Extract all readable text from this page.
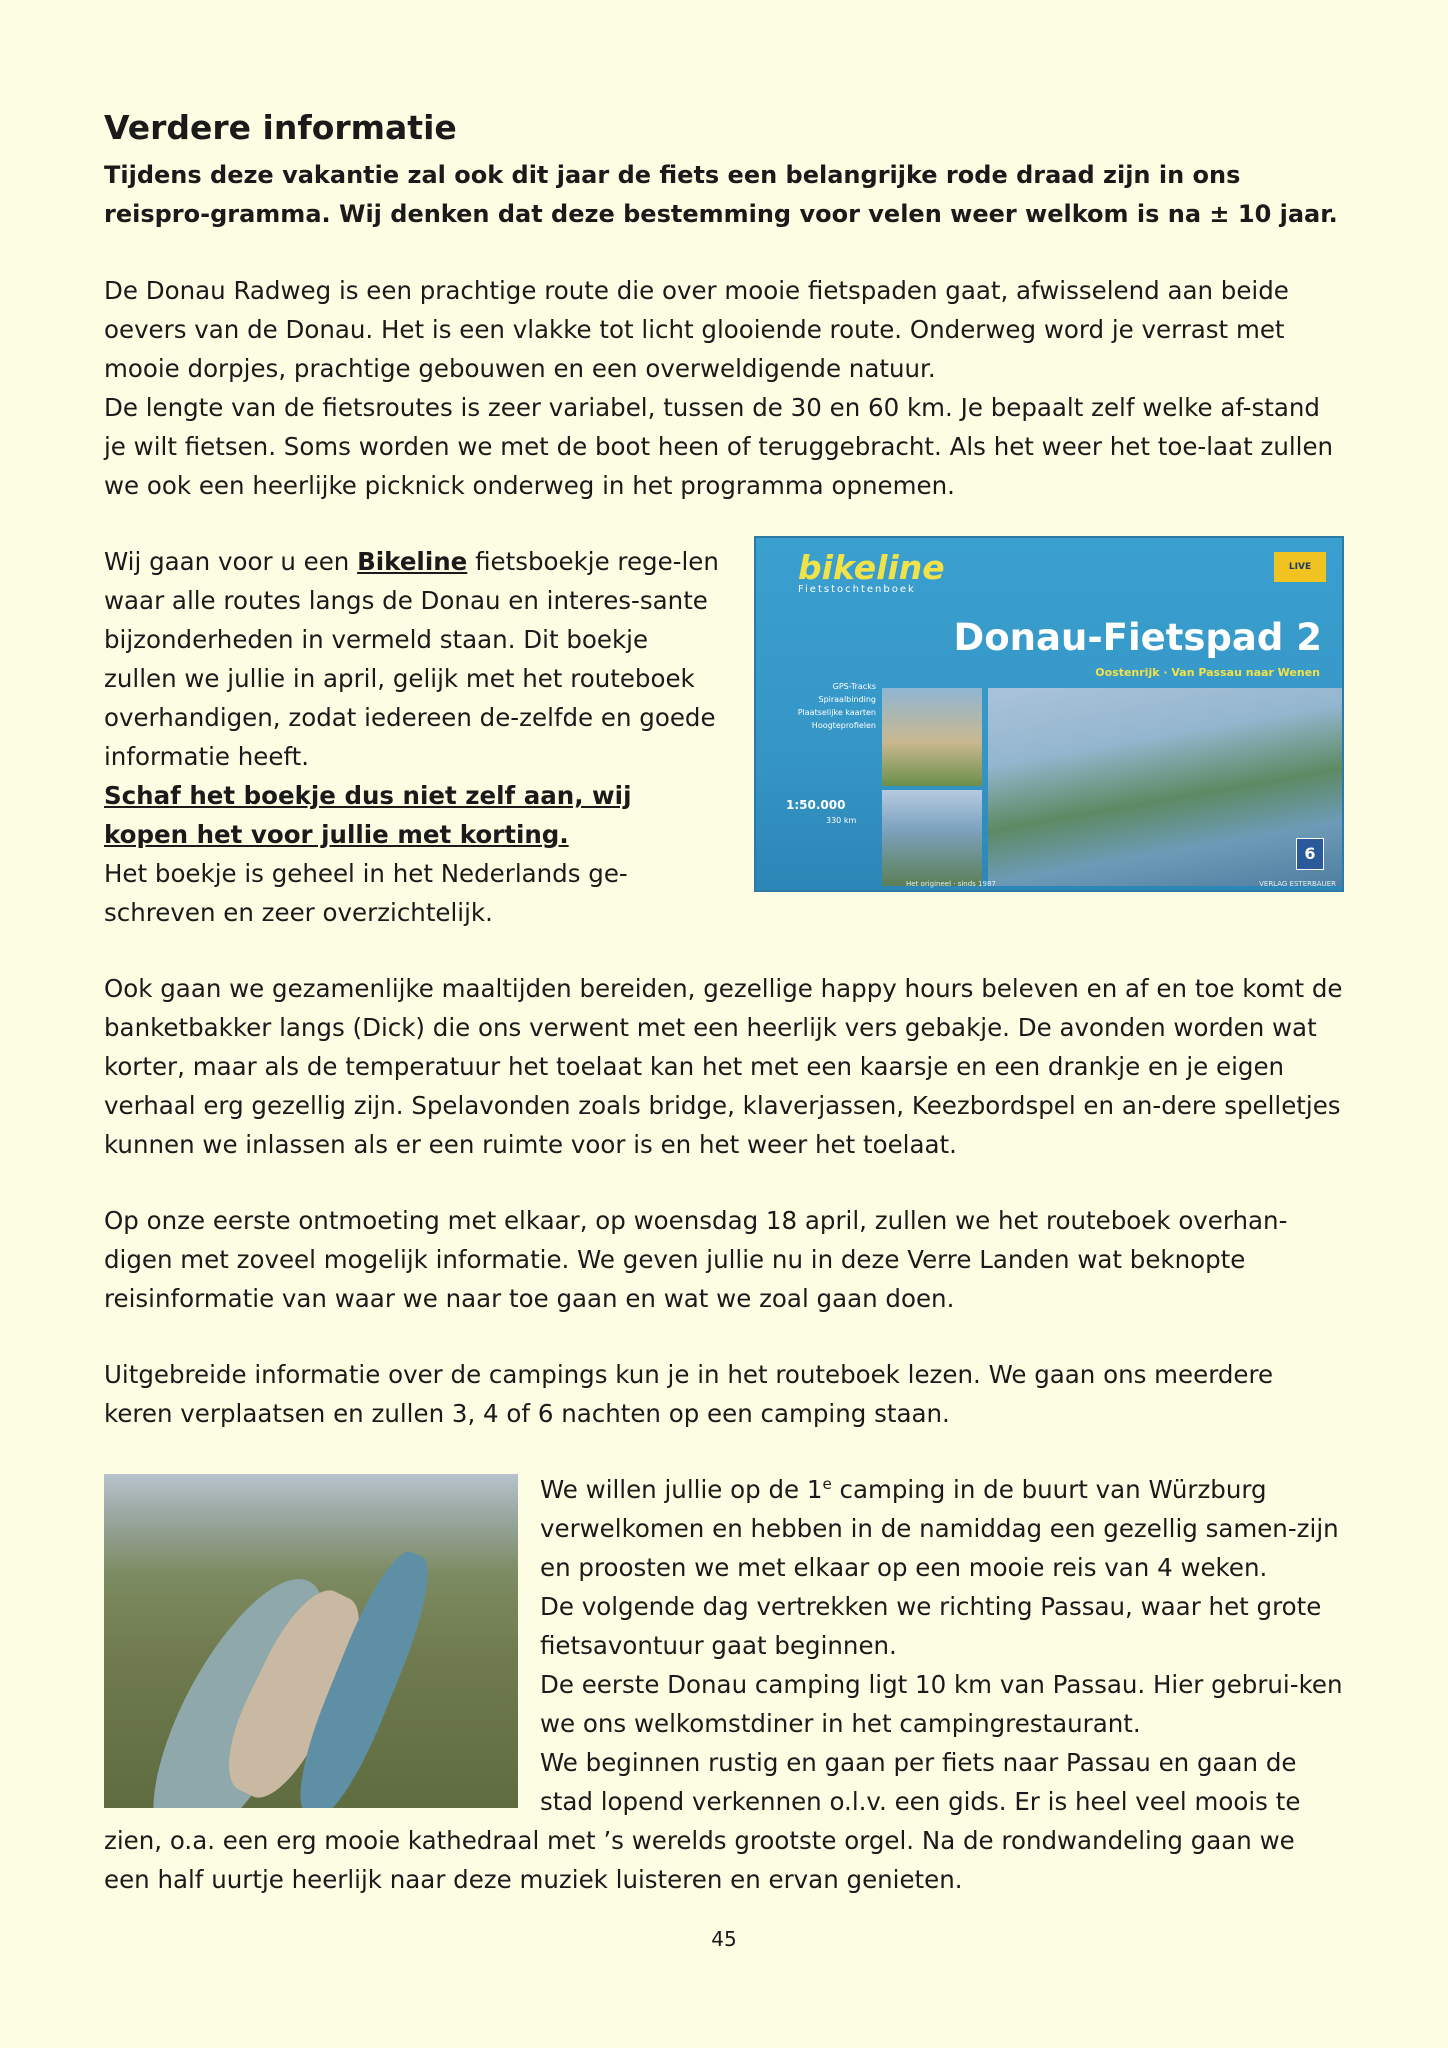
Verdere informatie

Tijdens deze vakantie zal ook dit jaar de fiets een belangrijke rode draad zijn in ons reispro-gramma. Wij denken dat deze bestemming voor velen weer welkom is na ± 10 jaar.

De Donau Radweg is een prachtige route die over mooie fietspaden gaat, afwisselend aan beide oevers van de Donau. Het is een vlakke tot licht glooiende route. Onderweg word je verrast met mooie dorpjes, prachtige gebouwen en een overweldigende natuur.

De lengte van de fietsroutes is zeer variabel, tussen de 30 en 60 km. Je bepaalt zelf welke af-stand je wilt fietsen. Soms worden we met de boot heen of teruggebracht. Als het weer het toe-laat zullen we ook een heerlijke picknick onderweg in het programma opnemen.

bikeline
Fietstochtenboek
LIVE
Donau-Fietspad 2
Oostenrijk · Van Passau naar Wenen
GPS-Tracks
Spiraalbinding
Plaatselijke kaarten
Hoogteprofielen
1:50.000
330 km
6
Het origineel · sinds 1987	VERLAG ESTERBAUER

Wij gaan voor u een Bikeline fietsboekje rege-len waar alle routes langs de Donau en interes-sante bijzonderheden in vermeld staan. Dit boekje zullen we jullie in april, gelijk met het routeboek overhandigen, zodat iedereen de-zelfde en goede informatie heeft.

Schaf het boekje dus niet zelf aan, wij kopen het voor jullie met korting.

Het boekje is geheel in het Nederlands ge-schreven en zeer overzichtelijk.

Ook gaan we gezamenlijke maaltijden bereiden, gezellige happy hours beleven en af en toe komt de banketbakker langs (Dick) die ons verwent met een heerlijk vers gebakje. De avonden worden wat korter, maar als de temperatuur het toelaat kan het met een kaarsje en een drankje en je eigen verhaal erg gezellig zijn. Spelavonden zoals bridge, klaverjassen, Keezbordspel en an-dere spelletjes kunnen we inlassen als er een ruimte voor is en het weer het toelaat.

Op onze eerste ontmoeting met elkaar, op woensdag 18 april, zullen we het routeboek overhan-digen met zoveel mogelijk informatie. We geven jullie nu in deze Verre Landen wat beknopte reisinformatie van waar we naar toe gaan en wat we zoal gaan doen.

Uitgebreide informatie over de campings kun je in het routeboek lezen. We gaan ons meerdere keren verplaatsen en zullen 3, 4 of 6 nachten op een camping staan.

We willen jullie op de 1e camping in de buurt van Würzburg verwelkomen en hebben in de namiddag een gezellig samen-zijn en proosten we met elkaar op een mooie reis van 4 weken.

De volgende dag vertrekken we richting Passau, waar het grote fietsavontuur gaat beginnen.

De eerste Donau camping ligt 10 km van Passau. Hier gebrui-ken we ons welkomstdiner in het campingrestaurant.

We beginnen rustig en gaan per fiets naar Passau en gaan de stad lopend verkennen o.l.v. een gids. Er is heel veel moois te zien, o.a. een erg mooie kathedraal met ’s werelds grootste orgel. Na de rondwandeling gaan we een half uurtje heerlijk naar deze muziek luisteren en ervan genieten.

45
